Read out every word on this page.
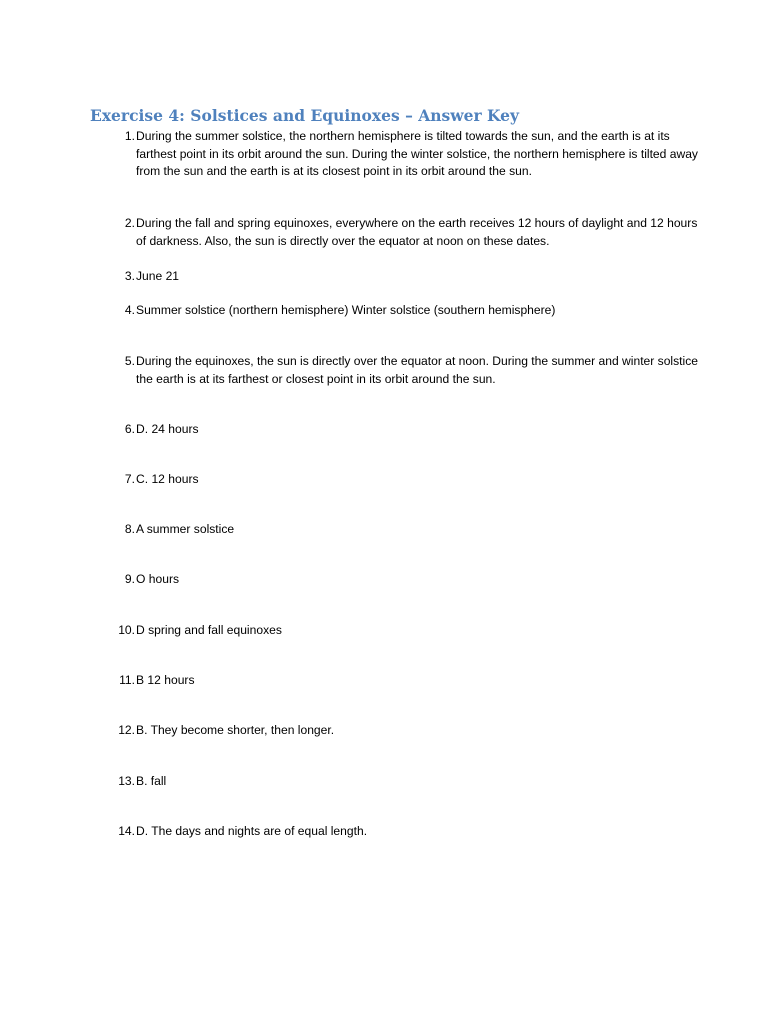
Exercise 4: Solstices and Equinoxes – Answer Key
1. During the summer solstice, the northern hemisphere is tilted towards the sun, and the earth is at its farthest point in its orbit around the sun. During the winter solstice, the northern hemisphere is tilted away from the sun and the earth is at its closest point in its orbit around the sun.
2. During the fall and spring equinoxes, everywhere on the earth receives 12 hours of daylight and 12 hours of darkness. Also, the sun is directly over the equator at noon on these dates.
3. June 21
4. Summer solstice (northern hemisphere) Winter solstice (southern hemisphere)
5. During the equinoxes, the sun is directly over the equator at noon. During the summer and winter solstice the earth is at its farthest or closest point in its orbit around the sun.
6. D. 24 hours
7. C. 12 hours
8. A summer solstice
9. O hours
10. D spring and fall equinoxes
11. B 12 hours
12. B. They become shorter, then longer.
13. B. fall
14. D. The days and nights are of equal length.
